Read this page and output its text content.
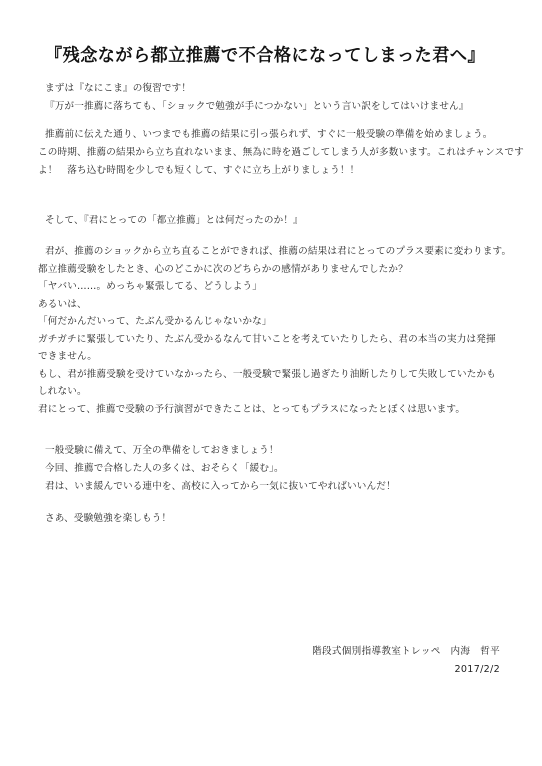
『残念ながら都立推薦で不合格になってしまった君へ』
まずは『なにこま』の復習です！
『万が一推薦に落ちても、「ショックで勉強が手につかない」という言い訳をしてはいけません』
推薦前に伝えた通り、いつまでも推薦の結果に引っ張られず、すぐに一般受験の準備を始めましょう。
この時期、推薦の結果から立ち直れないまま、無為に時を過ごしてしまう人が多数います。これはチャンスです
よ！　落ち込む時間を少しでも短くして、すぐに立ち上がりましょう！！
そして、『君にとっての「都立推薦」とは何だったのか！』
君が、推薦のショックから立ち直ることができれば、推薦の結果は君にとってのプラス要素に変わります。
都立推薦受験をしたとき、心のどこかに次のどちらかの感情がありませんでしたか？
「ヤバい……。めっちゃ緊張してる、どうしよう」
あるいは、
「何だかんだいって、たぶん受かるんじゃないかな」
ガチガチに緊張していたり、たぶん受かるなんて甘いことを考えていたりしたら、君の本当の実力は発揮
できません。
もし、君が推薦受験を受けていなかったら、一般受験で緊張し過ぎたり油断したりして失敗していたかも
しれない。
君にとって、推薦で受験の予行演習ができたことは、とってもプラスになったとぼくは思います。
一般受験に備えて、万全の準備をしておきましょう！
今回、推薦で合格した人の多くは、おそらく「緩む」。
君は、いま緩んでいる連中を、高校に入ってから一気に抜いてやればいいんだ！
さあ、受験勉強を楽しもう！
階段式個別指導教室トレッペ　内海　哲平
2017/2/2
